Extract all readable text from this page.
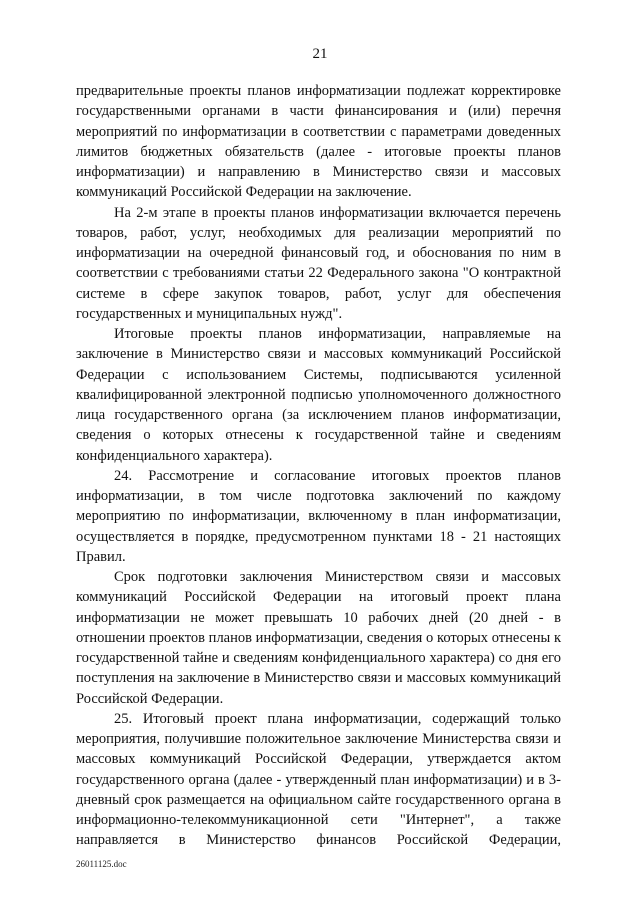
21

предварительные проекты планов информатизации подлежат корректировке государственными органами в части финансирования и (или) перечня мероприятий по информатизации в соответствии с параметрами доведенных лимитов бюджетных обязательств (далее - итоговые проекты планов информатизации) и направлению в Министерство связи и массовых коммуникаций Российской Федерации на заключение.

На 2-м этапе в проекты планов информатизации включается перечень товаров, работ, услуг, необходимых для реализации мероприятий по информатизации на очередной финансовый год, и обоснования по ним в соответствии с требованиями статьи 22 Федерального закона "О контрактной системе в сфере закупок товаров, работ, услуг для обеспечения государственных и муниципальных нужд".

Итоговые проекты планов информатизации, направляемые на заключение в Министерство связи и массовых коммуникаций Российской Федерации с использованием Системы, подписываются усиленной квалифицированной электронной подписью уполномоченного должностного лица государственного органа (за исключением планов информатизации, сведения о которых отнесены к государственной тайне и сведениям конфиденциального характера).

24. Рассмотрение и согласование итоговых проектов планов информатизации, в том числе подготовка заключений по каждому мероприятию по информатизации, включенному в план информатизации, осуществляется в порядке, предусмотренном пунктами 18 - 21 настоящих Правил.

Срок подготовки заключения Министерством связи и массовых коммуникаций Российской Федерации на итоговый проект плана информатизации не может превышать 10 рабочих дней (20 дней - в отношении проектов планов информатизации, сведения о которых отнесены к государственной тайне и сведениям конфиденциального характера) со дня его поступления на заключение в Министерство связи и массовых коммуникаций Российской Федерации.

25. Итоговый проект плана информатизации, содержащий только мероприятия, получившие положительное заключение Министерства связи и массовых коммуникаций Российской Федерации, утверждается актом государственного органа (далее - утвержденный план информатизации) и в 3-дневный срок размещается на официальном сайте государственного органа в информационно-телекоммуникационной сети "Интернет", а также направляется в Министерство финансов Российской Федерации,

26011125.doc
